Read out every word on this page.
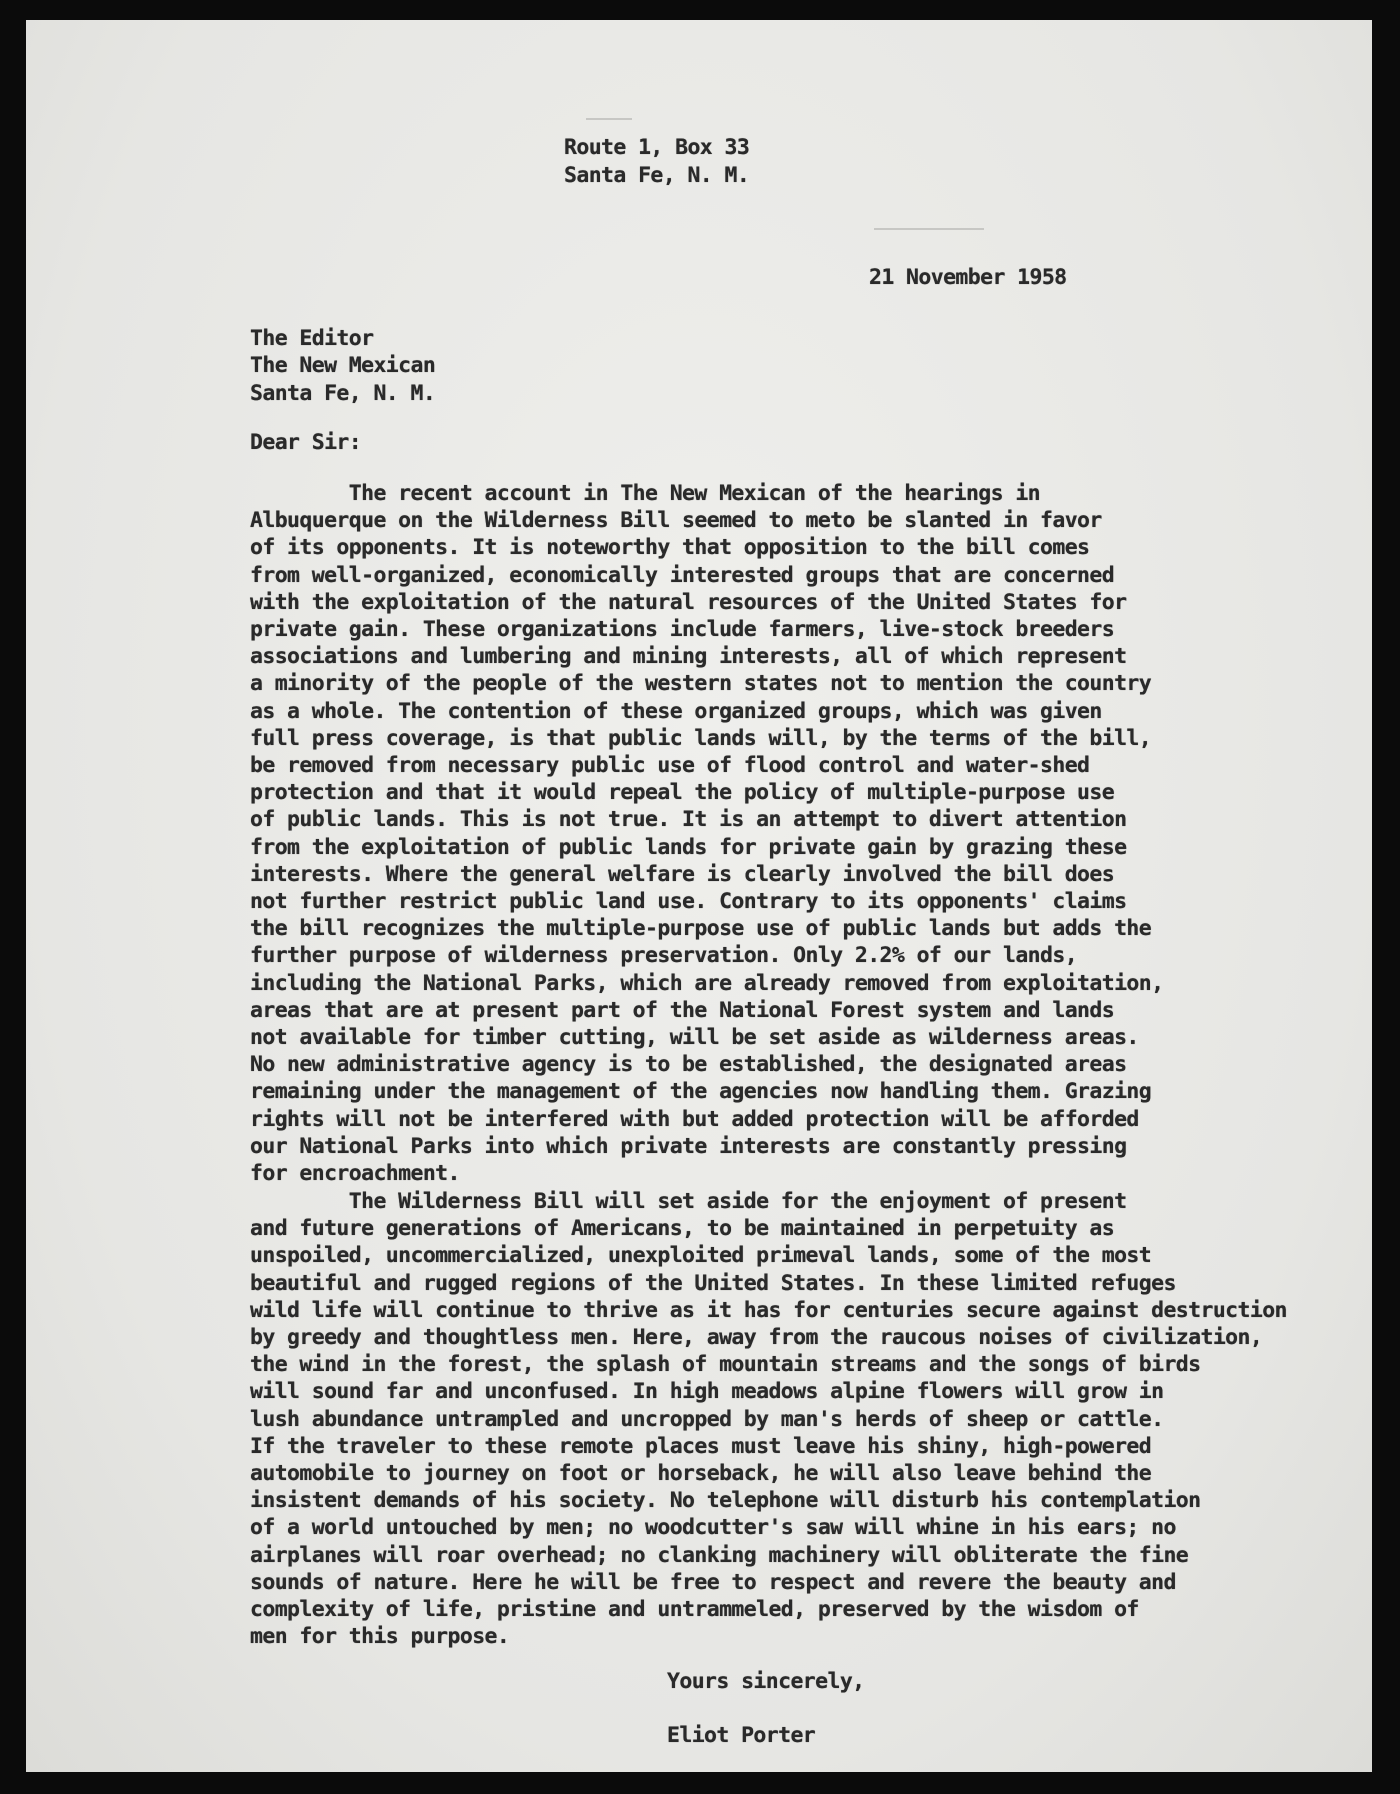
Route 1, Box 33
Santa Fe, N. M.
21 November 1958
The Editor
The New Mexican
Santa Fe, N. M.
Dear Sir:
The recent account in The New Mexican of the hearings in
Albuquerque on the Wilderness Bill seemed to meto be slanted in favor
of its opponents. It is noteworthy that opposition to the bill comes
from well-organized, economically interested groups that are concerned
with the exploitation of the natural resources of the United States for
private gain. These organizations include farmers, live-stock breeders
associations and lumbering and mining interests, all of which represent
a minority of the people of the western states not to mention the country
as a whole. The contention of these organized groups, which was given
full press coverage, is that public lands will, by the terms of the bill,
be removed from necessary public use of flood control and water-shed
protection and that it would repeal the policy of multiple-purpose use
of public lands. This is not true. It is an attempt to divert attention
from the exploitation of public lands for private gain by grazing these
interests. Where the general welfare is clearly involved the bill does
not further restrict public land use. Contrary to its opponents' claims
the bill recognizes the multiple-purpose use of public lands but adds the
further purpose of wilderness preservation. Only 2.2% of our lands,
including the National Parks, which are already removed from exploitation,
areas that are at present part of the National Forest system and lands
not available for timber cutting, will be set aside as wilderness areas.
No new administrative agency is to be established, the designated areas
remaining under the management of the agencies now handling them. Grazing
rights will not be interfered with but added protection will be afforded
our National Parks into which private interests are constantly pressing
for encroachment.
The Wilderness Bill will set aside for the enjoyment of present
and future generations of Americans, to be maintained in perpetuity as
unspoiled, uncommercialized, unexploited primeval lands, some of the most
beautiful and rugged regions of the United States. In these limited refuges
wild life will continue to thrive as it has for centuries secure against destruction
by greedy and thoughtless men. Here, away from the raucous noises of civilization,
the wind in the forest, the splash of mountain streams and the songs of birds
will sound far and unconfused. In high meadows alpine flowers will grow in
lush abundance untrampled and uncropped by man's herds of sheep or cattle.
If the traveler to these remote places must leave his shiny, high-powered
automobile to journey on foot or horseback, he will also leave behind the
insistent demands of his society. No telephone will disturb his contemplation
of a world untouched by men; no woodcutter's saw will whine in his ears; no
airplanes will roar overhead; no clanking machinery will obliterate the fine
sounds of nature. Here he will be free to respect and revere the beauty and
complexity of life, pristine and untrammeled, preserved by the wisdom of
men for this purpose.
Yours sincerely,
Eliot Porter
